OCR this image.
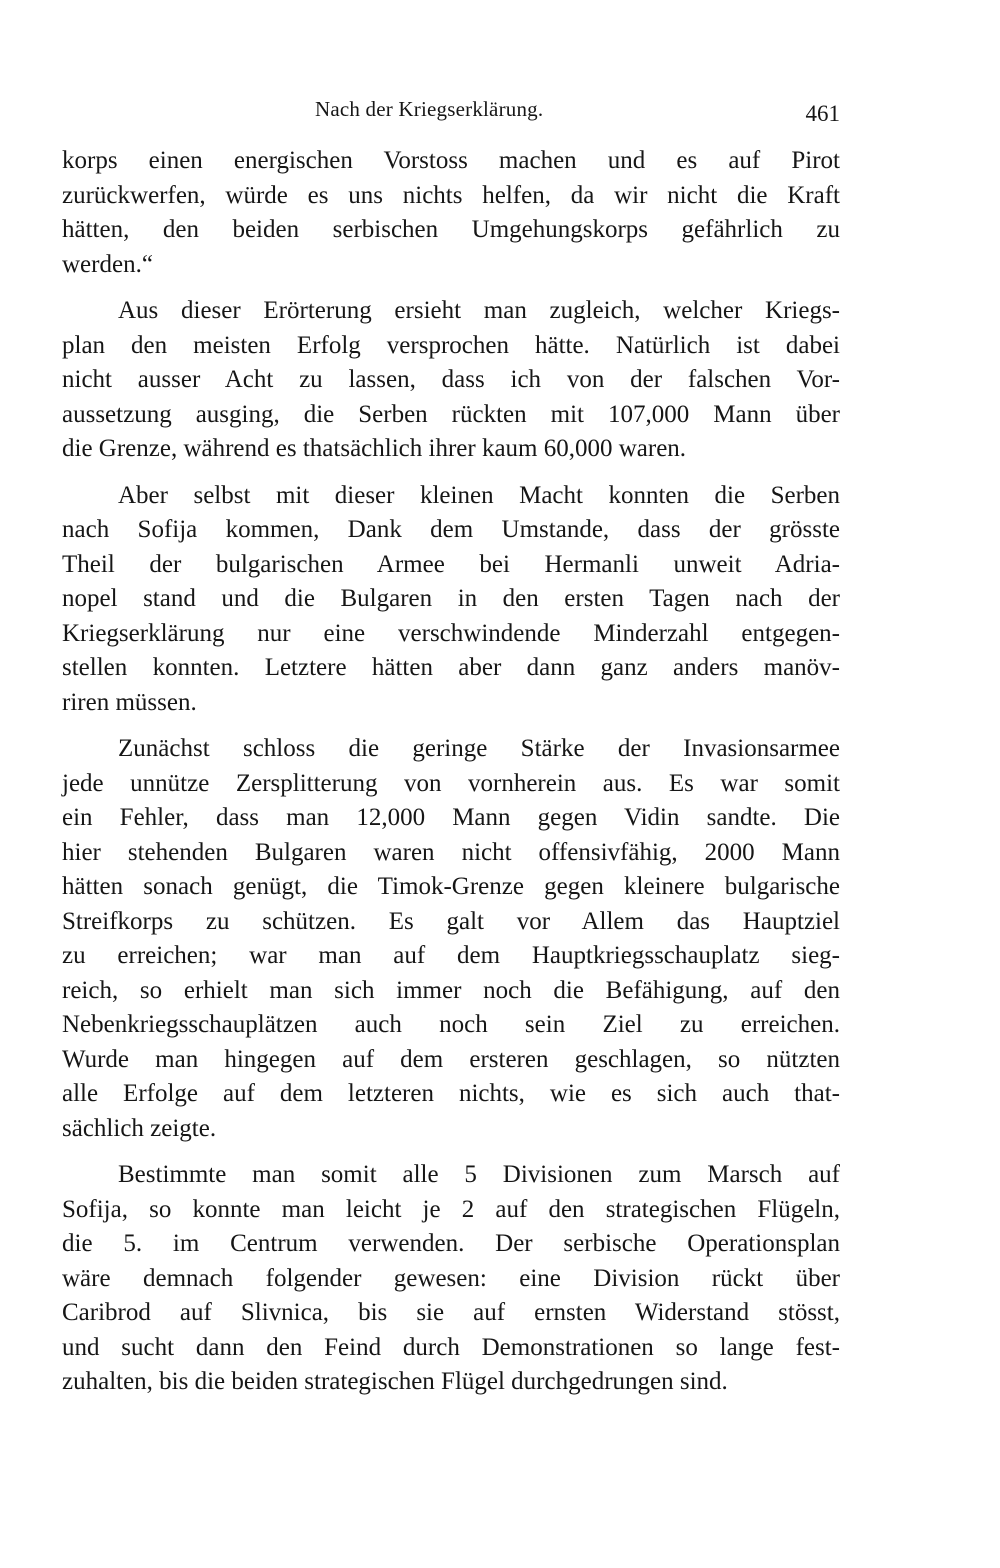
Nach der Kriegserklärung.	461
korps einen energischen Vorstoss machen und es auf Pirot
zurückwerfen, würde es uns nichts helfen, da wir nicht die Kraft
hätten, den beiden serbischen Umgehungskorps gefährlich zu
werden.“
Aus dieser Erörterung ersieht man zugleich, welcher Kriegs-
plan den meisten Erfolg versprochen hätte. Natürlich ist dabei
nicht ausser Acht zu lassen, dass ich von der falschen Vor-
aussetzung ausging, die Serben rückten mit 107,000 Mann über
die Grenze, während es thatsächlich ihrer kaum 60,000 waren.
Aber selbst mit dieser kleinen Macht konnten die Serben
nach Sofija kommen, Dank dem Umstande, dass der grösste
Theil der bulgarischen Armee bei Hermanli unweit Adria-
nopel stand und die Bulgaren in den ersten Tagen nach der
Kriegserklärung nur eine verschwindende Minderzahl entgegen-
stellen konnten. Letztere hätten aber dann ganz anders manöv-
riren müssen.
Zunächst schloss die geringe Stärke der Invasionsarmee
jede unnütze Zersplitterung von vornherein aus. Es war somit
ein Fehler, dass man 12,000 Mann gegen Vidin sandte. Die
hier stehenden Bulgaren waren nicht offensivfähig, 2000 Mann
hätten sonach genügt, die Timok-Grenze gegen kleinere bulgarische
Streifkorps zu schützen. Es galt vor Allem das Hauptziel
zu erreichen; war man auf dem Hauptkriegsschauplatz sieg-
reich, so erhielt man sich immer noch die Befähigung, auf den
Nebenkriegsschauplätzen auch noch sein Ziel zu erreichen.
Wurde man hingegen auf dem ersteren geschlagen, so nützten
alle Erfolge auf dem letzteren nichts, wie es sich auch that-
sächlich zeigte.
Bestimmte man somit alle 5 Divisionen zum Marsch auf
Sofija, so konnte man leicht je 2 auf den strategischen Flügeln,
die 5. im Centrum verwenden. Der serbische Operationsplan
wäre demnach folgender gewesen: eine Division rückt über
Caribrod auf Slivnica, bis sie auf ernsten Widerstand stösst,
und sucht dann den Feind durch Demonstrationen so lange fest-
zuhalten, bis die beiden strategischen Flügel durchgedrungen sind.
